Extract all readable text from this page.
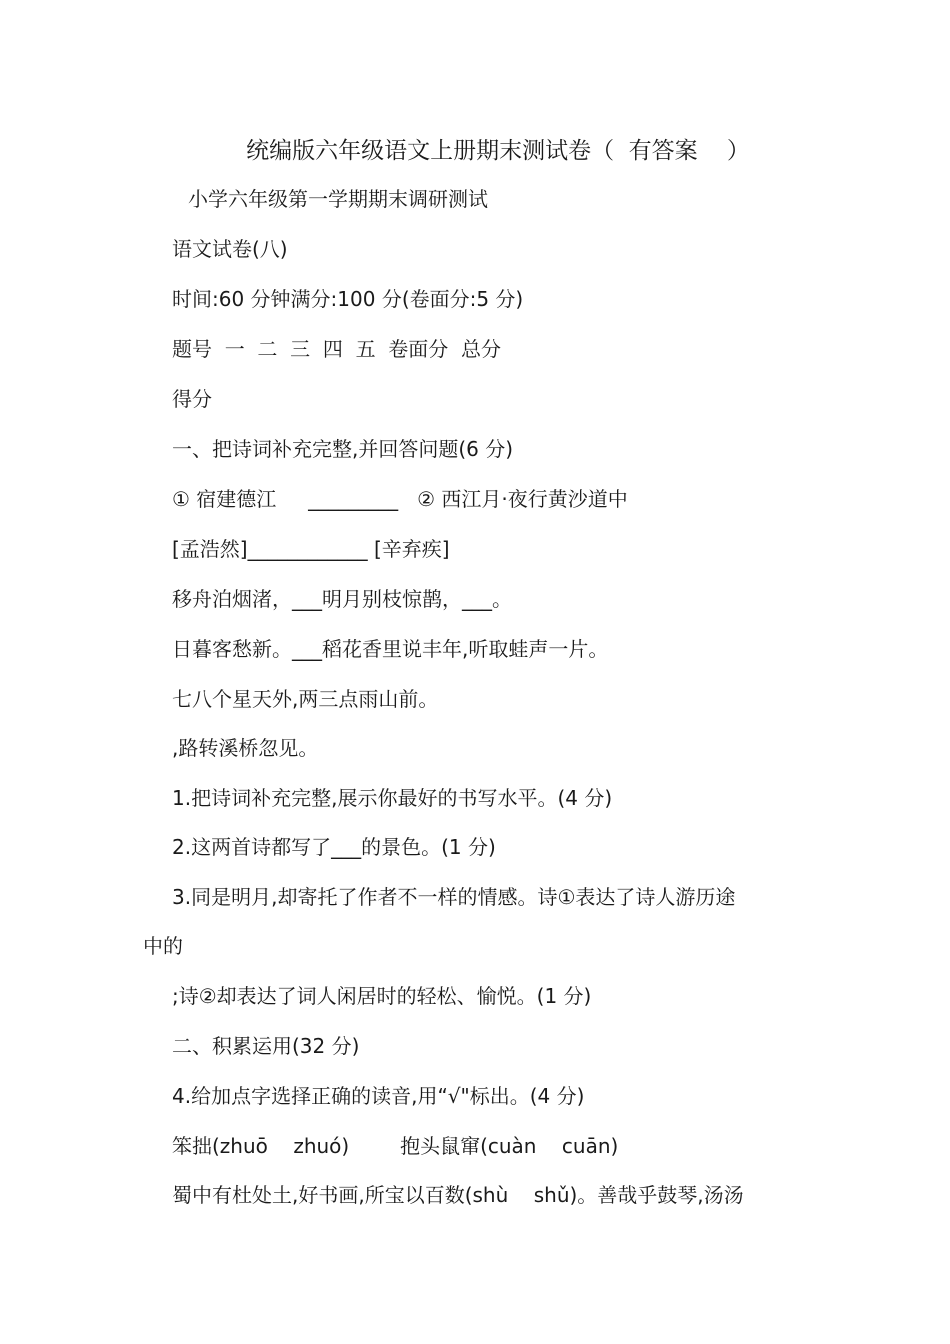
统编版六年级语文上册期末测试卷（  有答案    ）
小学六年级第一学期期末调研测试
语文试卷(八)
时间:60 分钟满分:100 分(卷面分:5 分)
题号  一  二  三  四  五  卷面分  总分
得分
一、把诗词补充完整,并回答问题(6 分)
① 宿建德江     _________   ② 西江月·夜行黄沙道中
[孟浩然]____________ [辛弃疾]
移舟泊烟渚，___明月别枝惊鹊，___。
日暮客愁新。___稻花香里说丰年,听取蛙声一片。
七八个星天外,两三点雨山前。
,路转溪桥忽见。
1.把诗词补充完整,展示你最好的书写水平。(4 分)
2.这两首诗都写了___的景色。(1 分)
3.同是明月,却寄托了作者不一样的情感。诗①表达了诗人游历途
中的
;诗②却表达了词人闲居时的轻松、愉悦。(1 分)
二、积累运用(32 分)
4.给加点字选择正确的读音,用“√"标出。(4 分)
笨拙(zhuō    zhuó)        抱头鼠窜(cuàn    cuān)
蜀中有杜处土,好书画,所宝以百数(shù    shǔ)。善哉乎鼓琴,汤汤
